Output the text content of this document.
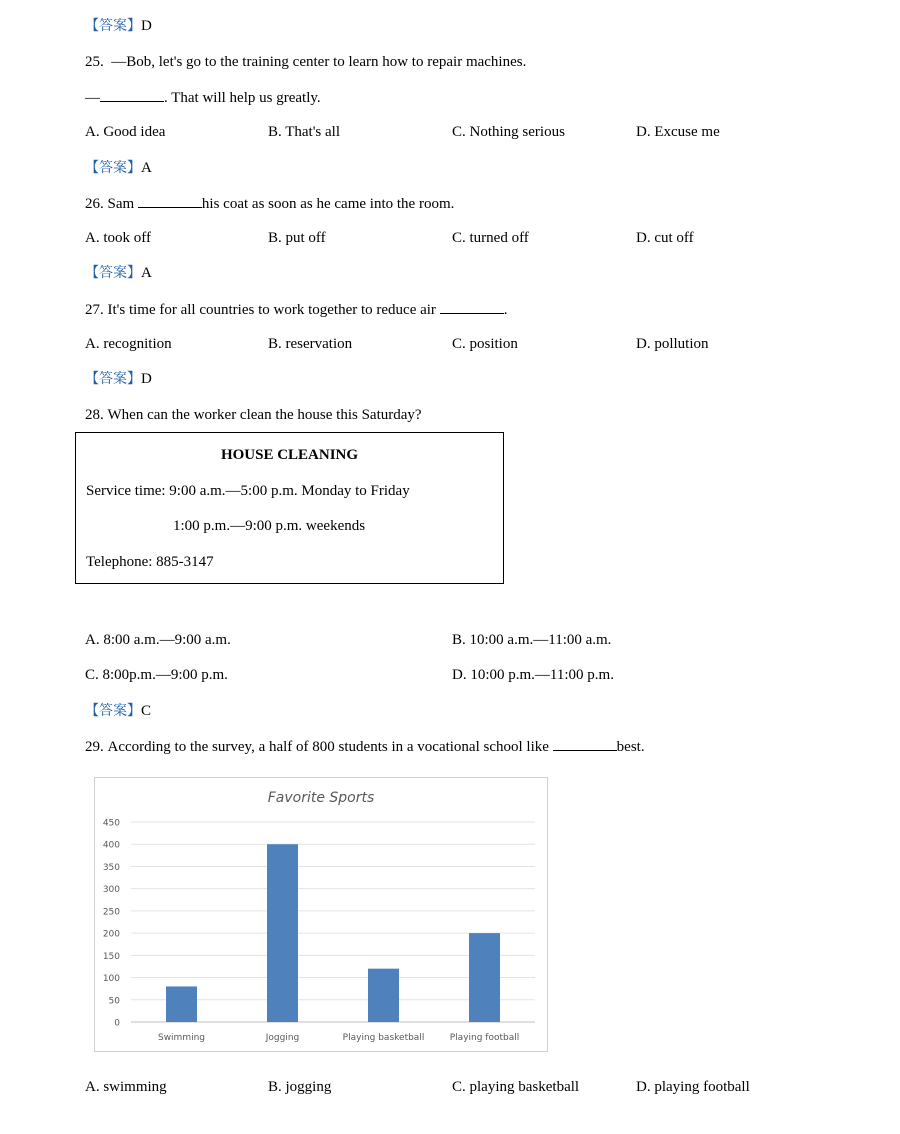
【答案】D
25. —Bob, let's go to the training center to learn how to repair machines.
—	. That will help us greatly.
A. Good idea	B. That's all	C. Nothing serious	D. Excuse me
【答案】A
26. Sam	his coat as soon as he came into the room.
A. took off	B. put off	C. turned off	D. cut off
【答案】A
27. It's time for all countries to work together to reduce air	.
A. recognition	B. reservation	C. position	D. pollution
【答案】D
28. When can the worker clean the house this Saturday?
HOUSE CLEANING
Service time: 9:00 a.m.—5:00 p.m. Monday to Friday
1:00 p.m.—9:00 p.m. weekends
Telephone: 885-3147
A. 8:00 a.m.—9:00 a.m.	B. 10:00 a.m.—11:00 a.m.
C. 8:00p.m.—9:00 p.m.	D. 10:00 p.m.—11:00 p.m.
【答案】C
29. According to the survey, a half of 800 students in a vocational school like	best.
Favorite Sports
0
50
100
150
200
250
300
350
400
450
Swimming	Jogging	Playing basketball	Playing football
A. swimming	B. jogging	C. playing basketball	D. playing football
